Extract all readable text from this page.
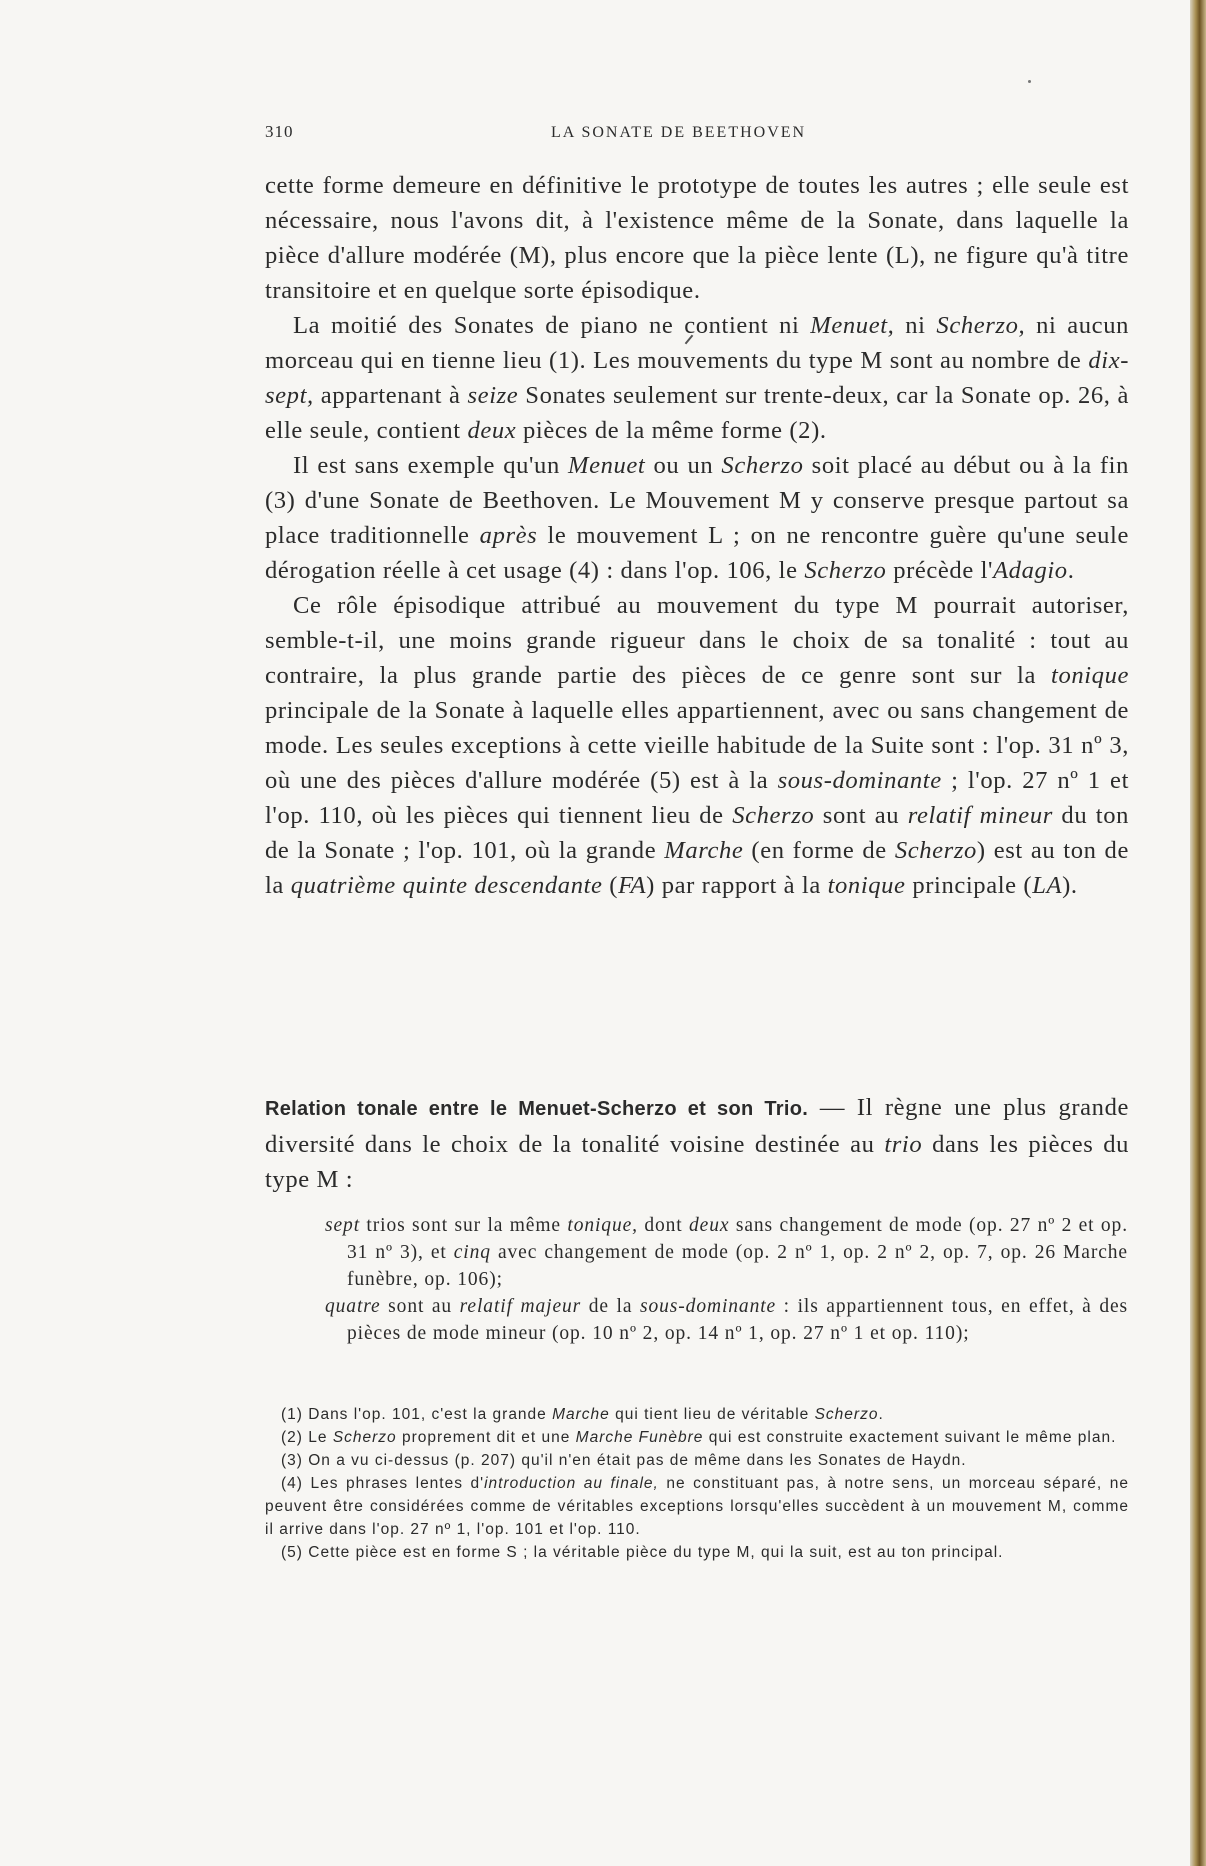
310	LA SONATE DE BEETHOVEN

cette forme demeure en définitive le prototype de toutes les autres ; elle seule est nécessaire, nous l'avons dit, à l'existence même de la Sonate, dans laquelle la pièce d'allure modérée (M), plus encore que la pièce lente (L), ne figure qu'à titre transitoire et en quelque sorte épisodique.

La moitié des Sonates de piano ne contient ni Menuet, ni Scherzo, ni aucun morceau qui en tienne lieu (1). Les mouvements du type M sont au nombre de dix-sept, appartenant à seize Sonates seulement sur trente-deux, car la Sonate op. 26, à elle seule, contient deux pièces de la même forme (2).

Il est sans exemple qu'un Menuet ou un Scherzo soit placé au début ou à la fin (3) d'une Sonate de Beethoven. Le Mouvement M y conserve presque partout sa place traditionnelle après le mouvement L ; on ne rencontre guère qu'une seule dérogation réelle à cet usage (4) : dans l'op. 106, le Scherzo précède l'Adagio.

Ce rôle épisodique attribué au mouvement du type M pourrait autoriser, semble-t-il, une moins grande rigueur dans le choix de sa tonalité : tout au contraire, la plus grande partie des pièces de ce genre sont sur la tonique principale de la Sonate à laquelle elles appartiennent, avec ou sans changement de mode. Les seules exceptions à cette vieille habitude de la Suite sont : l'op. 31 nº 3, où une des pièces d'allure modérée (5) est à la sous-dominante ; l'op. 27 nº 1 et l'op. 110, où les pièces qui tiennent lieu de Scherzo sont au relatif mineur du ton de la Sonate ; l'op. 101, où la grande Marche (en forme de Scherzo) est au ton de la quatrième quinte descendante (FA) par rapport à la tonique principale (LA).

Relation tonale entre le Menuet-Scherzo et son Trio. — Il règne une plus grande diversité dans le choix de la tonalité voisine destinée au trio dans les pièces du type M :

sept trios sont sur la même tonique, dont deux sans changement de mode (op. 27 nº 2 et op. 31 nº 3), et cinq avec changement de mode (op. 2 nº 1, op. 2 nº 2, op. 7, op. 26 Marche funèbre, op. 106);

quatre sont au relatif majeur de la sous-dominante : ils appartiennent tous, en effet, à des pièces de mode mineur (op. 10 nº 2, op. 14 nº 1, op. 27 nº 1 et op. 110);

(1) Dans l'op. 101, c'est la grande Marche qui tient lieu de véritable Scherzo.

(2) Le Scherzo proprement dit et une Marche Funèbre qui est construite exactement suivant le même plan.

(3) On a vu ci-dessus (p. 207) qu'il n'en était pas de même dans les Sonates de Haydn.

(4) Les phrases lentes d'introduction au finale, ne constituant pas, à notre sens, un morceau séparé, ne peuvent être considérées comme de véritables exceptions lorsqu'elles succèdent à un mouvement M, comme il arrive dans l'op. 27 nº 1, l'op. 101 et l'op. 110.

(5) Cette pièce est en forme S ; la véritable pièce du type M, qui la suit, est au ton principal.
